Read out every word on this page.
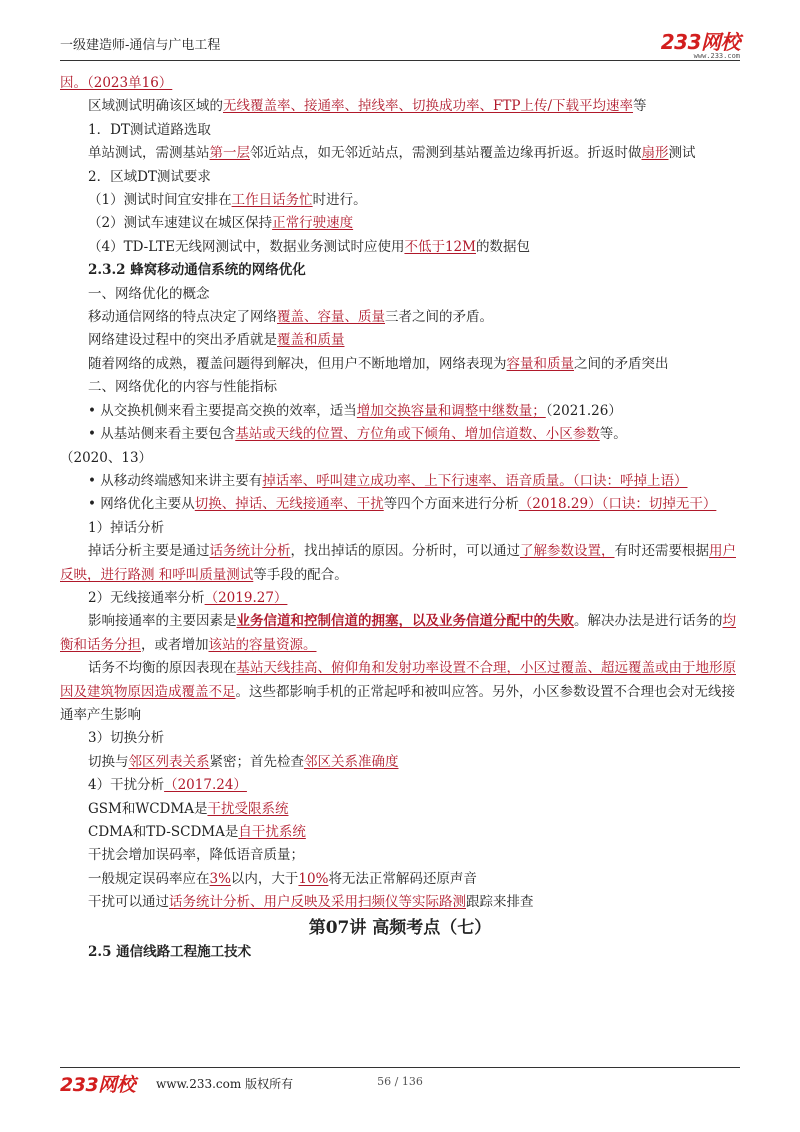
一级建造师-通信与广电工程	233网校
www.233.com

因。（2023单16）

区域测试明确该区域的无线覆盖率、接通率、掉线率、切换成功率、FTP上传/下载平均速率等

1．DT测试道路选取

单站测试，需测基站第一层邻近站点，如无邻近站点，需测到基站覆盖边缘再折返。折返时做扇形测试

2．区域DT测试要求

（1）测试时间宜安排在工作日话务忙时进行。

（2）测试车速建议在城区保持正常行驶速度

（4）TD-LTE无线网测试中，数据业务测试时应使用不低于12M的数据包

2.3.2 蜂窝移动通信系统的网络优化

一、网络优化的概念

移动通信网络的特点决定了网络覆盖、容量、质量三者之间的矛盾。

网络建设过程中的突出矛盾就是覆盖和质量

随着网络的成熟，覆盖问题得到解决，但用户不断地增加，网络表现为容量和质量之间的矛盾突出

二、网络优化的内容与性能指标

• 从交换机侧来看主要提高交换的效率，适当增加交换容量和调整中继数量；（2021.26）

• 从基站侧来看主要包含基站或天线的位置、方位角或下倾角、增加信道数、小区参数等。

（2020、13）

• 从移动终端感知来讲主要有掉话率、呼叫建立成功率、上下行速率、语音质量。（口诀：呼掉上语）

• 网络优化主要从切换、掉话、无线接通率、干扰等四个方面来进行分析（2018.29）（口诀：切掉无干）

1）掉话分析

掉话分析主要是通过话务统计分析，找出掉话的原因。分析时，可以通过了解参数设置，有时还需要根据用户反映，进行路测 和呼叫质量测试等手段的配合。

2）无线接通率分析（2019.27）

影响接通率的主要因素是业务信道和控制信道的拥塞，以及业务信道分配中的失败。解决办法是进行话务的均衡和话务分担，或者增加该站的容量资源。

话务不均衡的原因表现在基站天线挂高、俯仰角和发射功率设置不合理，小区过覆盖、超远覆盖或由于地形原因及建筑物原因造成覆盖不足。这些都影响手机的正常起呼和被叫应答。另外，小区参数设置不合理也会对无线接通率产生影响

3）切换分析

切换与邻区列表关系紧密；首先检查邻区关系准确度

4）干扰分析（2017.24）

GSM和WCDMA是干扰受限系统

CDMA和TD-SCDMA是自干扰系统

干扰会增加误码率，降低语音质量；

一般规定误码率应在3%以内，大于10%将无法正常解码还原声音

干扰可以通过话务统计分析、用户反映及采用扫频仪等实际路测跟踪来排查

第07讲 高频考点（七）

2.5 通信线路工程施工技术

233网校 www.233.com 版权所有	56 / 136
